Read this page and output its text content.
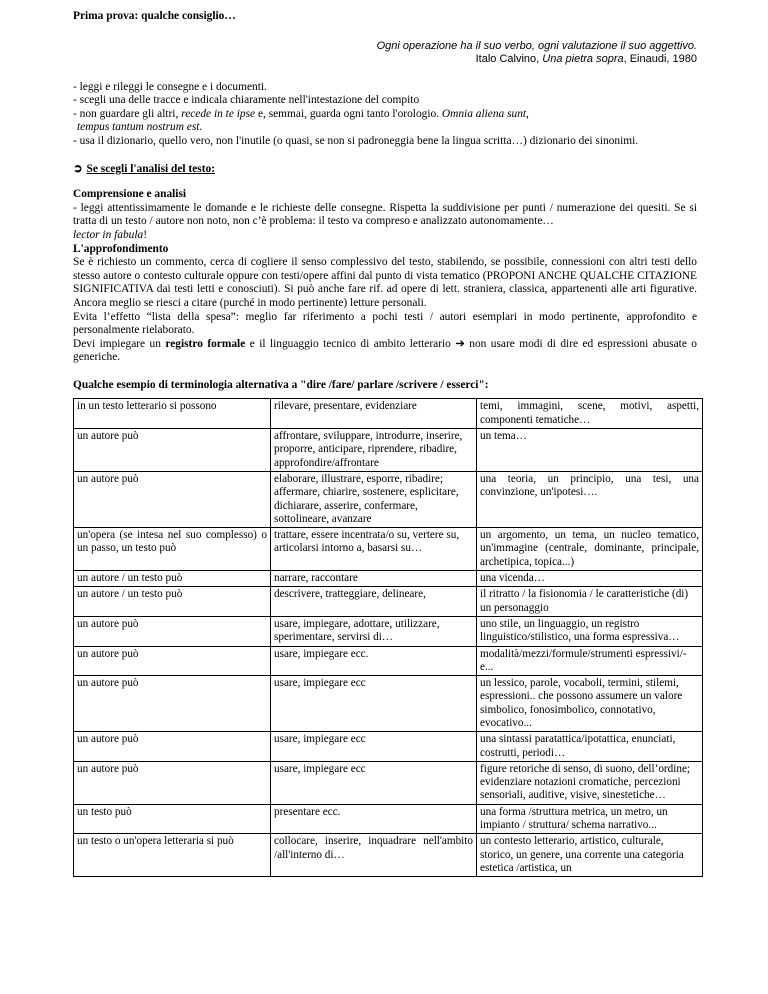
Prima prova: qualche consiglio…

Ogni operazione ha il suo verbo, ogni valutazione il suo aggettivo.
Italo Calvino, Una pietra sopra, Einaudi, 1980

- leggi e rileggi le consegne e i documenti.

- scegli una delle tracce e indicala chiaramente nell'intestazione del compito

- non guardare gli altri, recede in te ipse e, semmai, guarda ogni tanto l'orologio. Omnia aliena sunt,

tempus tantum nostrum est.

- usa il dizionario, quello vero, non l'inutile (o quasi, se non si padroneggia bene la lingua scritta…) dizionario dei sinonimi.

➲ Se scegli l'analisi del testo:
Comprensione e analisi

- leggi attentissimamente le domande e le richieste delle consegne. Rispetta la suddivisione per punti / numerazione dei quesiti. Se si tratta di un testo / autore non noto, non c’è problema: il testo va compreso e analizzato autonomamente…
lector in fabula!

L'approfondimento

Se è richiesto un commento, cerca di cogliere il senso complessivo del testo, stabilendo, se possibile, connessioni con altri testi dello stesso autore o contesto culturale oppure con testi/opere affini dal punto di vista tematico (PROPONI ANCHE QUALCHE CITAZIONE SIGNIFICATIVA dai testi letti e conosciuti). Si può anche fare rif. ad opere di lett. straniera, classica, appartenenti alle arti figurative. Ancora meglio se riesci a citare (purché in modo pertinente) letture personali.

Evita l’effetto “lista della spesa”: meglio far riferimento a pochi testi / autori esemplari in modo pertinente, approfondito e personalmente rielaborato.

Devi impiegare un registro formale e il linguaggio tecnico di ambito letterario ➔ non usare modi di dire ed espressioni abusate o generiche.

Qualche esempio di terminologia alternativa a "dire /fare/ parlare /scrivere / esserci":
in un testo letterario si possono	rilevare, presentare, evidenziare	temi, immagini, scene, motivi, aspetti, componenti tematiche…
un autore può	affrontare, sviluppare, introdurre, inserire, proporre, anticipare, riprendere, ribadire, approfondire/affrontare	un tema…
un autore può	elaborare, illustrare, esporre, ribadire; affermare, chiarire, sostenere, esplicitare, dichiarare, asserire, confermare, sottolineare, avanzare	una teoria, un principio, una tesi, una convinzione, un'ipotesi….
un'opera (se intesa nel suo complesso) o un passo, un testo può	trattare, essere incentrata/o su, vertere su, articolarsi intorno a, basarsi su…	un argomento, un tema, un nucleo tematico, un'immagine (centrale, dominante, principale, archetipica, topica...)
un autore / un testo può	narrare, raccontare	una vicenda…
un autore / un testo può	descrivere, tratteggiare, delineare,	il ritratto / la fisionomia / le caratteristiche (di) un personaggio
un autore può	usare, impiegare, adottare, utilizzare, sperimentare, servirsi di…	uno stile, un linguaggio, un registro linguistico/stilistico, una forma espressiva…
un autore può	usare, impiegare ecc.	modalità/mezzi/formule/strumenti espressivi/-e...
un autore può	usare, impiegare ecc	un lessico, parole, vocaboli, termini, stilemi, espressioni.. che possono assumere un valore simbolico, fonosimbolico, connotativo, evocativo...
un autore può	usare, impiegare ecc	una sintassi paratattica/ipotattica, enunciati, costrutti, periodi…
un autore può	usare, impiegare ecc	figure retoriche di senso, di suono, dell’ordine; evidenziare notazioni cromatiche, percezioni sensoriali, auditive, visive, sinestetiche…
un testo può	presentare ecc.	una forma /struttura metrica, un metro, un impianto / struttura/ schema narrativo...
un testo o un'opera letteraria si può	collocare, inserire, inquadrare nell'ambito /all'interno di…	un contesto letterario, artistico, culturale, storico, un genere, una corrente una categoria estetica /artistica, un
